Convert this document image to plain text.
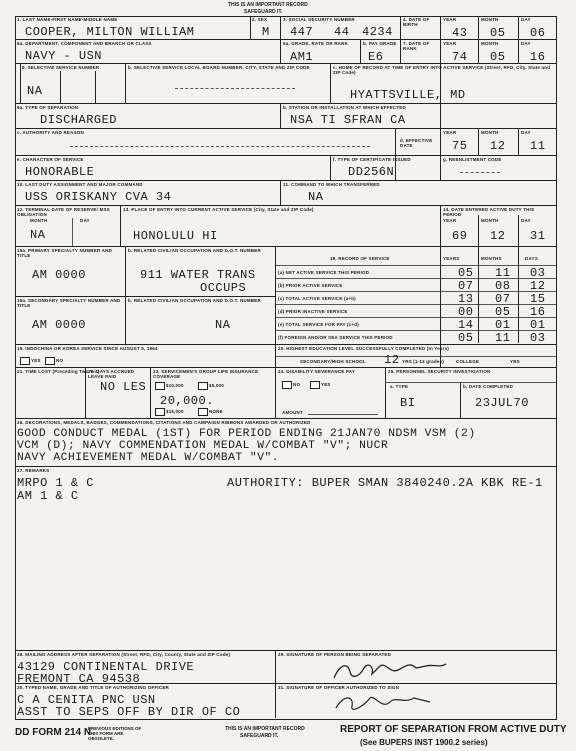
THIS IS AN IMPORTANT RECORD
SAFEGUARD IT.
1. LAST NAME-FIRST NAME-MIDDLE NAME
COOPER, MILTON WILLIAM
2. SEX
M
3. SOCIAL SECURITY NUMBER
447 44 4234
4. DATE OF BIRTH
YEAR	MONTH	DAY
43 05 06
5a. DEPARTMENT, COMPONENT AND BRANCH OR CLASS
NAVY - USN
6a. GRADE, RATE OR RANK
AM1
b. PAY GRADE
E6
7. DATE OF RANK
YEAR	MONTH	DAY
74 05 16
8. SELECTIVE SERVICE NUMBER
NA
b. SELECTIVE SERVICE LOCAL BOARD NUMBER, CITY, STATE AND ZIP CODE	c. HOME OF RECORD AT TIME OF ENTRY INTO ACTIVE SERVICE (Street, RFD, City, State and ZIP Code)
HYATTSVILLE, MD
9a. TYPE OF SEPARATION
DISCHARGED
b. STATION OR INSTALLATION AT WHICH EFFECTED
NSA TI SFRAN CA
c. AUTHORITY AND REASON
d. EFFECTIVE DATE
YEAR	MONTH	DAY
75 12 11
e. CHARACTER OF SERVICE
HONORABLE
f. TYPE OF CERTIFICATE ISSUED
DD256N
g. REENLISTMENT CODE
10. LAST DUTY ASSIGNMENT AND MAJOR COMMAND
USS ORISKANY CVA 34
11. COMMAND TO WHICH TRANSFERRED
NA
12. TERMINAL DATE OF RESERVE/ MSS OBLIGATION
MONTH	DAY
NA
13. PLACE OF ENTRY INTO CURRENT ACTIVE SERVICE (City, State and ZIP Code)
HONOLULU HI
14. DATE ENTERED ACTIVE DUTY THIS PERIOD
YEAR	MONTH	DAY
69 12 31
15a. PRIMARY SPECIALTY NUMBER AND TITLE
AM 0000
b. RELATED CIVILIAN OCCUPATION AND D.O.T. NUMBER
911 WATER TRANS
OCCUPS
16a. SECONDARY SPECIALTY NUMBER AND TITLE
AM 0000
b. RELATED CIVILIAN OCCUPATION AND D.O.T. NUMBER
NA
18. RECORD OF SERVICE	YEARS	MONTHS	DAYS
(a) NET ACTIVE SERVICE THIS PERIOD	05 11 03
(b) PRIOR ACTIVE SERVICE	07 08 12
(c) TOTAL ACTIVE SERVICE (a+b)	13 07 15
(d) PRIOR INACTIVE SERVICE	00 05 16
(e) TOTAL SERVICE FOR PAY (c+d)	14 01 01
(f) FOREIGN AND/OR SEA SERVICE THIS PERIOD	05 11 03
19. INDOCHINA OR KOREA SERVICE SINCE AUGUST 5, 1964
YES	NO
20. HIGHEST EDUCATION LEVEL SUCCESSFULLY COMPLETED (In Years)
SECONDARY/HIGH SCHOOL 12 YRS (1-12 grades)	COLLEGE	YRS
21. TIME LOST (Preceding Two Yrs)
22. DAYS ACCRUED LEAVE PAID
NO LES
23. SERVICEMEN'S GROUP LIFE INSURANCE COVERAGE
$10,000	$5,000
20,000.
$15,000	NONE
24. DISABILITY SEVERANCE PAY
NO	YES
AMOUNT
25. PERSONNEL SECURITY INVESTIGATION
a. TYPE	b. DATE COMPLETED
BI	23JUL70
26. DECORATIONS, MEDALS, BADGES, COMMENDATIONS, CITATIONS AND CAMPAIGN RIBBONS AWARDED OR AUTHORIZED
GOOD CONDUCT MEDAL (1ST) FOR PERIOD ENDING 21JAN70 NDSM VSM (2)
VCM (D); NAVY COMMENDATION MEDAL W/COMBAT "V"; NUCR
NAVY ACHIEVEMENT MEDAL W/COMBAT "V".
27. REMARKS
MRPO 1 & C
AM 1 & C
AUTHORITY: BUPER SMAN 3840240.2A KBK RE-1
28. MAILING ADDRESS AFTER SEPARATION (Street, RFD, City, County, State and ZIP Code)
43129 CONTINENTAL DRIVE
FREMONT CA 94538
29. SIGNATURE OF PERSON BEING SEPARATED
30. TYPED NAME, GRADE AND TITLE OF AUTHORIZING OFFICER
C A CENITA PNC USN
ASST TO SEPS OFF BY DIR OF CO
31. SIGNATURE OF OFFICER AUTHORIZED TO SIGN
DD FORM 214 N
PREVIOUS EDITIONS OF THIS FORM ARE OBSOLETE.
THIS IS AN IMPORTANT RECORD
SAFEGUARD IT.
REPORT OF SEPARATION FROM ACTIVE DUTY
(See BUPERS INST 1900.2 series)
